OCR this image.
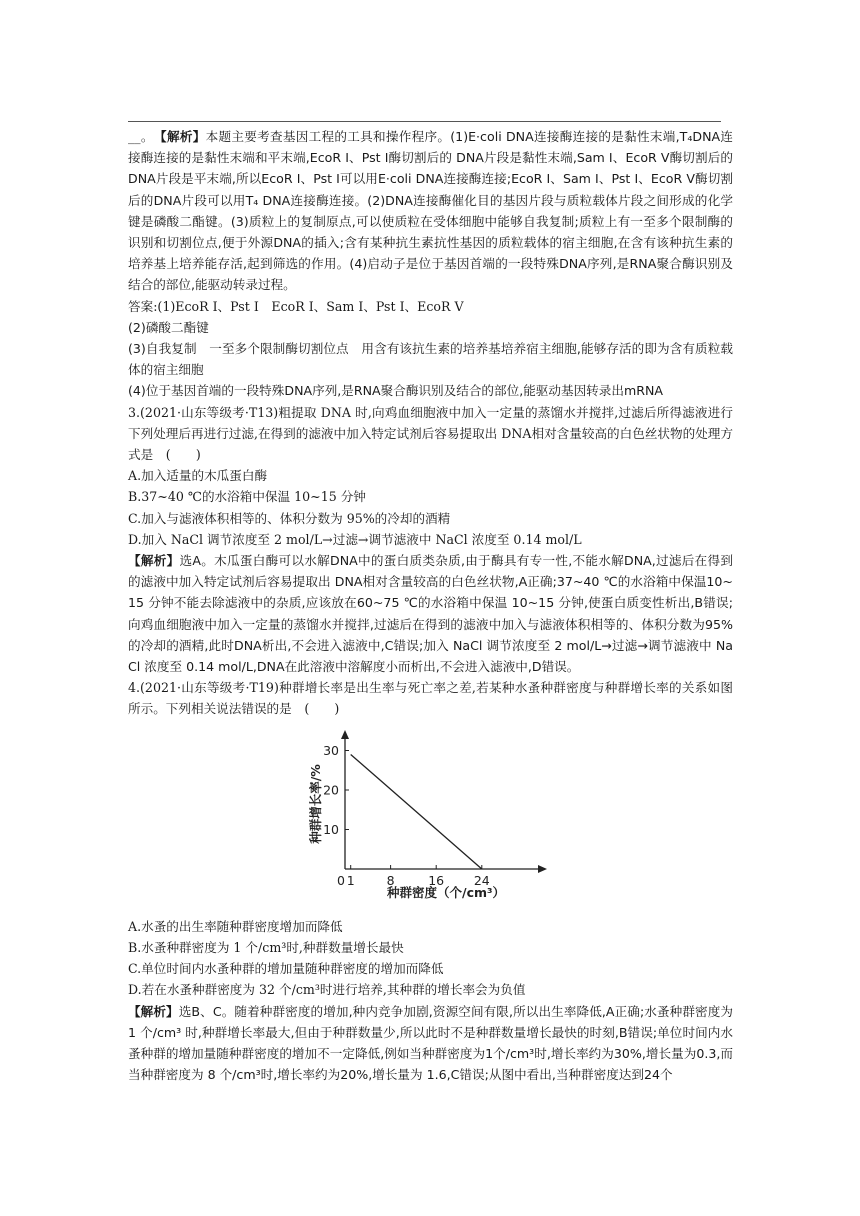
__。　 【解析】本题主要考查基因工程的工具和操作程序。(1)E·coli DNA连接酶连接的是黏性末端,T₄DNA连接酶连接的是黏性末端和平末端,EcoR Ⅰ、Pst Ⅰ酶切割后的 DNA片段是黏性末端,Sam Ⅰ、EcoR Ⅴ酶切割后的 DNA片段是平末端,所以EcoR Ⅰ、Pst Ⅰ可以用E·coli DNA连接酶连接;EcoR Ⅰ、Sam Ⅰ、Pst Ⅰ、EcoR Ⅴ酶切割后的DNA片段可以用T₄ DNA连接酶连接。(2)DNA连接酶催化目的基因片段与质粒载体片段之间形成的化学键是磷酸二酯键。(3)质粒上的复制原点,可以使质粒在受体细胞中能够自我复制;质粒上有一至多个限制酶的识别和切割位点,便于外源DNA的插入;含有某种抗生素抗性基因的质粒载体的宿主细胞,在含有该种抗生素的培养基上培养能存活,起到筛选的作用。(4)启动子是位于基因首端的一段特殊DNA序列,是RNA聚合酶识别及结合的部位,能驱动转录过程。

答案:(1)EcoR Ⅰ、Pst Ⅰ　EcoR Ⅰ、Sam Ⅰ、Pst Ⅰ、EcoR Ⅴ

(2)磷酸二酯键

(3)自我复制　一至多个限制酶切割位点　用含有该抗生素的培养基培养宿主细胞,能够存活的即为含有质粒载体的宿主细胞

(4)位于基因首端的一段特殊DNA序列,是RNA聚合酶识别及结合的部位,能驱动基因转录出mRNA

3.(2021·山东等级考·T13)粗提取 DNA 时,向鸡血细胞液中加入一定量的蒸馏水并搅拌,过滤后所得滤液进行下列处理后再进行过滤,在得到的滤液中加入特定试剂后容易提取出 DNA相对含量较高的白色丝状物的处理方式是　(　　)

A.加入适量的木瓜蛋白酶

B.37~40 ℃的水浴箱中保温 10~15 分钟

C.加入与滤液体积相等的、体积分数为 95%的冷却的酒精

D.加入 NaCl 调节浓度至 2 mol/L→过滤→调节滤液中 NaCl 浓度至 0.14 mol/L

【解析】选A。木瓜蛋白酶可以水解DNA中的蛋白质类杂质,由于酶具有专一性,不能水解DNA,过滤后在得到的滤液中加入特定试剂后容易提取出 DNA相对含量较高的白色丝状物,A正确;37~40 ℃的水浴箱中保温10~15 分钟不能去除滤液中的杂质,应该放在60~75 ℃的水浴箱中保温 10~15 分钟,使蛋白质变性析出,B错误;向鸡血细胞液中加入一定量的蒸馏水并搅拌,过滤后在得到的滤液中加入与滤液体积相等的、体积分数为95%的冷却的酒精,此时DNA析出,不会进入滤液中,C错误;加入 NaCl 调节浓度至 2 mol/L→过滤→调节滤液中 NaCl 浓度至 0.14 mol/L,DNA在此溶液中溶解度小而析出,不会进入滤液中,D错误。

4.(2021·山东等级考·T19)种群增长率是出生率与死亡率之差,若某种水蚤种群密度与种群增长率的关系如图所示。下列相关说法错误的是　(　　)

10
20
30
0 1	8	16 24
种群增长率/%
种群密度（个/cm³）

A.水蚤的出生率随种群密度增加而降低

B.水蚤种群密度为 1 个/cm³时,种群数量增长最快

C.单位时间内水蚤种群的增加量随种群密度的增加而降低

D.若在水蚤种群密度为 32 个/cm³时进行培养,其种群的增长率会为负值

【解析】选B、C。随着种群密度的增加,种内竞争加剧,资源空间有限,所以出生率降低,A正确;水蚤种群密度为 1 个/cm³ 时,种群增长率最大,但由于种群数量少,所以此时不是种群数量增长最快的时刻,B错误;单位时间内水蚤种群的增加量随种群密度的增加不一定降低,例如当种群密度为1个/cm³时,增长率约为30%,增长量为0.3,而当种群密度为 8 个/cm³时,增长率约为20%,增长量为 1.6,C错误;从图中看出,当种群密度达到24个
